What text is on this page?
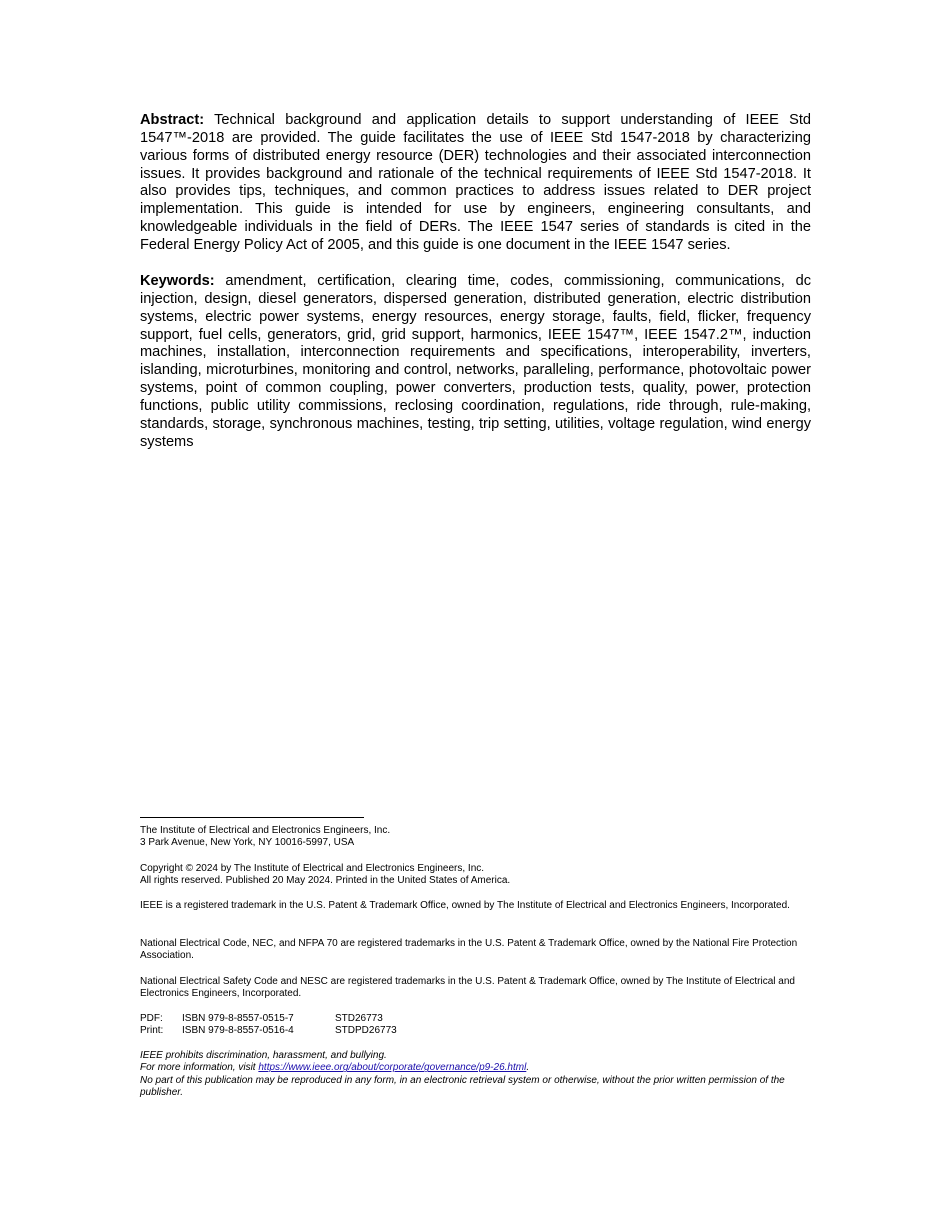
Abstract: Technical background and application details to support understanding of IEEE Std 1547™-2018 are provided. The guide facilitates the use of IEEE Std 1547-2018 by characterizing various forms of distributed energy resource (DER) technologies and their associated interconnection issues. It provides background and rationale of the technical requirements of IEEE Std 1547-2018. It also provides tips, techniques, and common practices to address issues related to DER project implementation. This guide is intended for use by engineers, engineering consultants, and knowledgeable individuals in the field of DERs. The IEEE 1547 series of standards is cited in the Federal Energy Policy Act of 2005, and this guide is one document in the IEEE 1547 series.

Keywords: amendment, certification, clearing time, codes, commissioning, communications, dc injection, design, diesel generators, dispersed generation, distributed generation, electric distribution systems, electric power systems, energy resources, energy storage, faults, field, flicker, frequency support, fuel cells, generators, grid, grid support, harmonics, IEEE 1547™, IEEE 1547.2™, induction machines, installation, interconnection requirements and specifications, interoperability, inverters, islanding, microturbines, monitoring and control, networks, paralleling, performance, photovoltaic power systems, point of common coupling, power converters, production tests, quality, power, protection functions, public utility commissions, reclosing coordination, regulations, ride through, rule-making, standards, storage, synchronous machines, testing, trip setting, utilities, voltage regulation, wind energy systems

The Institute of Electrical and Electronics Engineers, Inc.
3 Park Avenue, New York, NY 10016-5997, USA
Copyright © 2024 by The Institute of Electrical and Electronics Engineers, Inc.
All rights reserved. Published 20 May 2024. Printed in the United States of America.
IEEE is a registered trademark in the U.S. Patent & Trademark Office, owned by The Institute of Electrical and Electronics Engineers, Incorporated.
National Electrical Code, NEC, and NFPA 70 are registered trademarks in the U.S. Patent & Trademark Office, owned by the National Fire Protection Association.
National Electrical Safety Code and NESC are registered trademarks in the U.S. Patent & Trademark Office, owned by The Institute of Electrical and Electronics Engineers, Incorporated.
PDF:	ISBN 979-8-8557-0515-7	STD26773
Print:	ISBN 979-8-8557-0516-4	STDPD26773
IEEE prohibits discrimination, harassment, and bullying.
For more information, visit https://www.ieee.org/about/corporate/governance/p9-26.html.
No part of this publication may be reproduced in any form, in an electronic retrieval system or otherwise, without the prior written permission of the publisher.
